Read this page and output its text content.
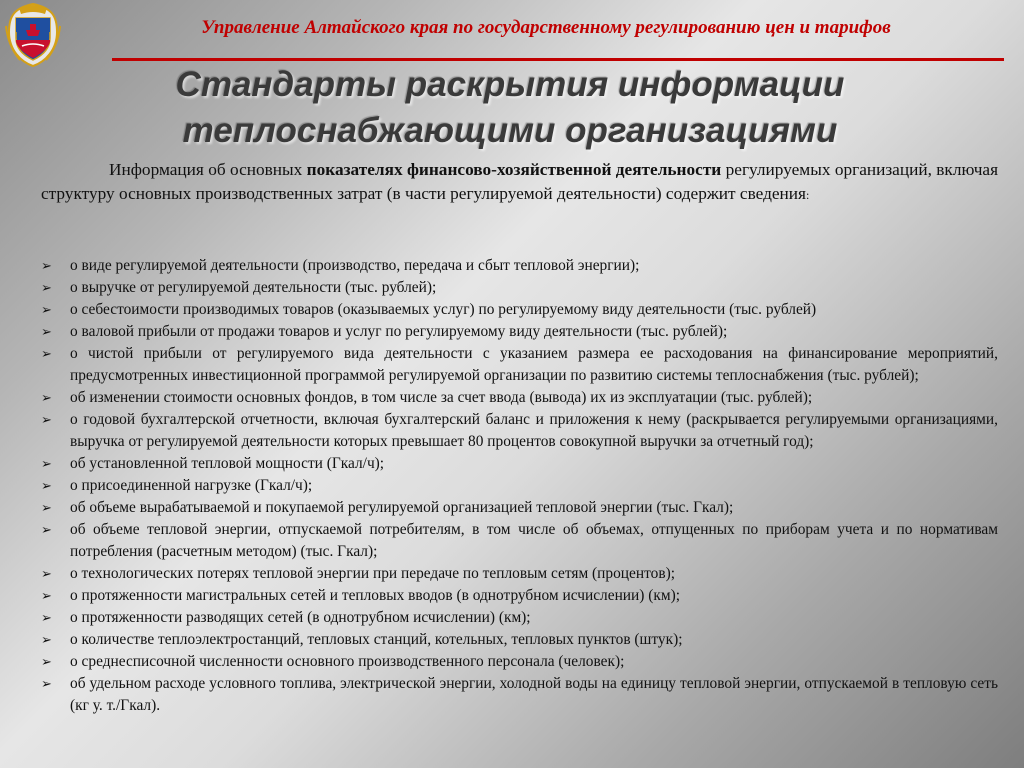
Управление Алтайского края по государственному регулированию цен и тарифов
Стандарты раскрытия информации
теплоснабжающими организациями

Информация об основных показателях финансово-хозяйственной деятельности регулируемых организаций, включая структуру основных производственных затрат (в части регулируемой деятельности) содержит сведения:

➢ о виде регулируемой деятельности (производство, передача и сбыт тепловой энергии);
➢ о выручке от регулируемой деятельности (тыс. рублей);
➢ о себестоимости производимых товаров (оказываемых услуг) по регулируемому виду деятельности (тыс. рублей)
➢ о валовой прибыли от продажи товаров и услуг по регулируемому виду деятельности (тыс. рублей);
➢ о чистой прибыли от регулируемого вида деятельности с указанием размера ее расходования на финансирование мероприятий, предусмотренных инвестиционной программой регулируемой организации по развитию системы теплоснабжения (тыс. рублей);
➢ об изменении стоимости основных фондов, в том числе за счет ввода (вывода) их из эксплуатации (тыс. рублей);
➢ о годовой бухгалтерской отчетности, включая бухгалтерский баланс и приложения к нему (раскрывается регулируемыми организациями, выручка от регулируемой деятельности которых превышает 80 процентов совокупной выручки за отчетный год);
➢ об установленной тепловой мощности (Гкал/ч);
➢ о присоединенной нагрузке (Гкал/ч);
➢ об объеме вырабатываемой и покупаемой регулируемой организацией тепловой энергии (тыс. Гкал);
➢ об объеме тепловой энергии, отпускаемой потребителям, в том числе об объемах, отпущенных по приборам учета и по нормативам потребления (расчетным методом) (тыс. Гкал);
➢ о технологических потерях тепловой энергии при передаче по тепловым сетям (процентов);
➢ о протяженности магистральных сетей и тепловых вводов (в однотрубном исчислении) (км);
➢ о протяженности разводящих сетей (в однотрубном исчислении) (км);
➢ о количестве теплоэлектростанций, тепловых станций, котельных, тепловых пунктов (штук);
➢ о среднесписочной численности основного производственного персонала (человек);
➢ об удельном расходе условного топлива, электрической энергии, холодной воды на единицу тепловой энергии, отпускаемой в тепловую сеть (кг у. т./Гкал).
